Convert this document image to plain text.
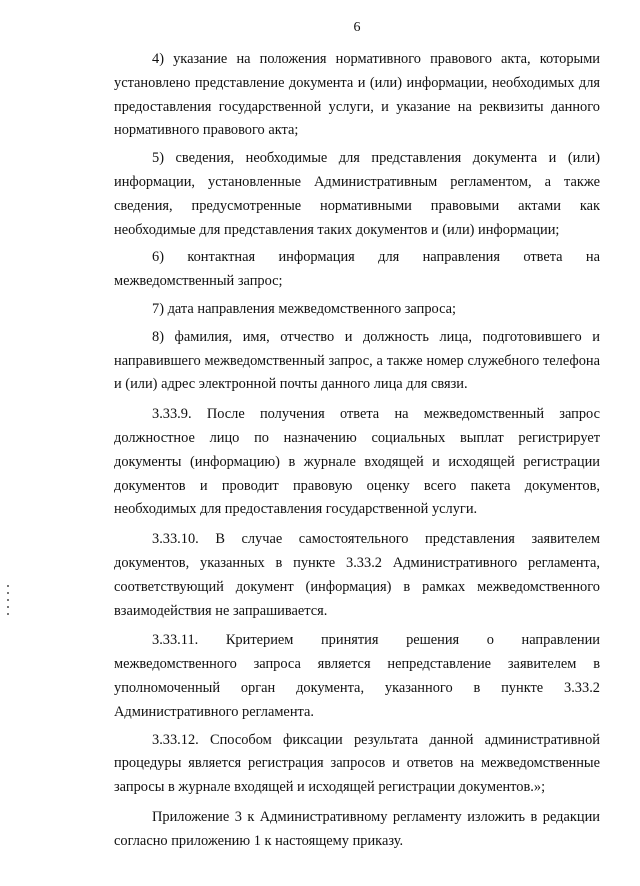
6

4) указание на положения нормативного правового акта, которыми установлено представление документа и (или) информации, необходимых для предоставления государственной услуги, и указание на реквизиты данного нормативного правового акта;

5) сведения, необходимые для представления документа и (или) информации, установленные Административным регламентом, а также сведения, предусмотренные нормативными правовыми актами как необходимые для представления таких документов и (или) информации;

6) контактная информация для направления ответа на межведомственный запрос;

7) дата направления межведомственного запроса;

8) фамилия, имя, отчество и должность лица, подготовившего и направившего межведомственный запрос, а также номер служебного телефона и (или) адрес электронной почты данного лица для связи.

3.33.9. После получения ответа на межведомственный запрос должностное лицо по назначению социальных выплат регистрирует документы (информацию) в журнале входящей и исходящей регистрации документов и проводит правовую оценку всего пакета документов, необходимых для предоставления государственной услуги.

3.33.10. В случае самостоятельного представления заявителем документов, указанных в пункте 3.33.2 Административного регламента, соответствующий документ (информация) в рамках межведомственного взаимодействия не запрашивается.

3.33.11. Критерием принятия решения о направлении межведомственного запроса является непредставление заявителем в уполномоченный орган документа, указанного в пункте 3.33.2 Административного регламента.

3.33.12. Способом фиксации результата данной административной процедуры является регистрация запросов и ответов на межведомственные запросы в журнале входящей и исходящей регистрации документов.»;

Приложение 3 к Административному регламенту изложить в редакции согласно приложению 1 к настоящему приказу.
